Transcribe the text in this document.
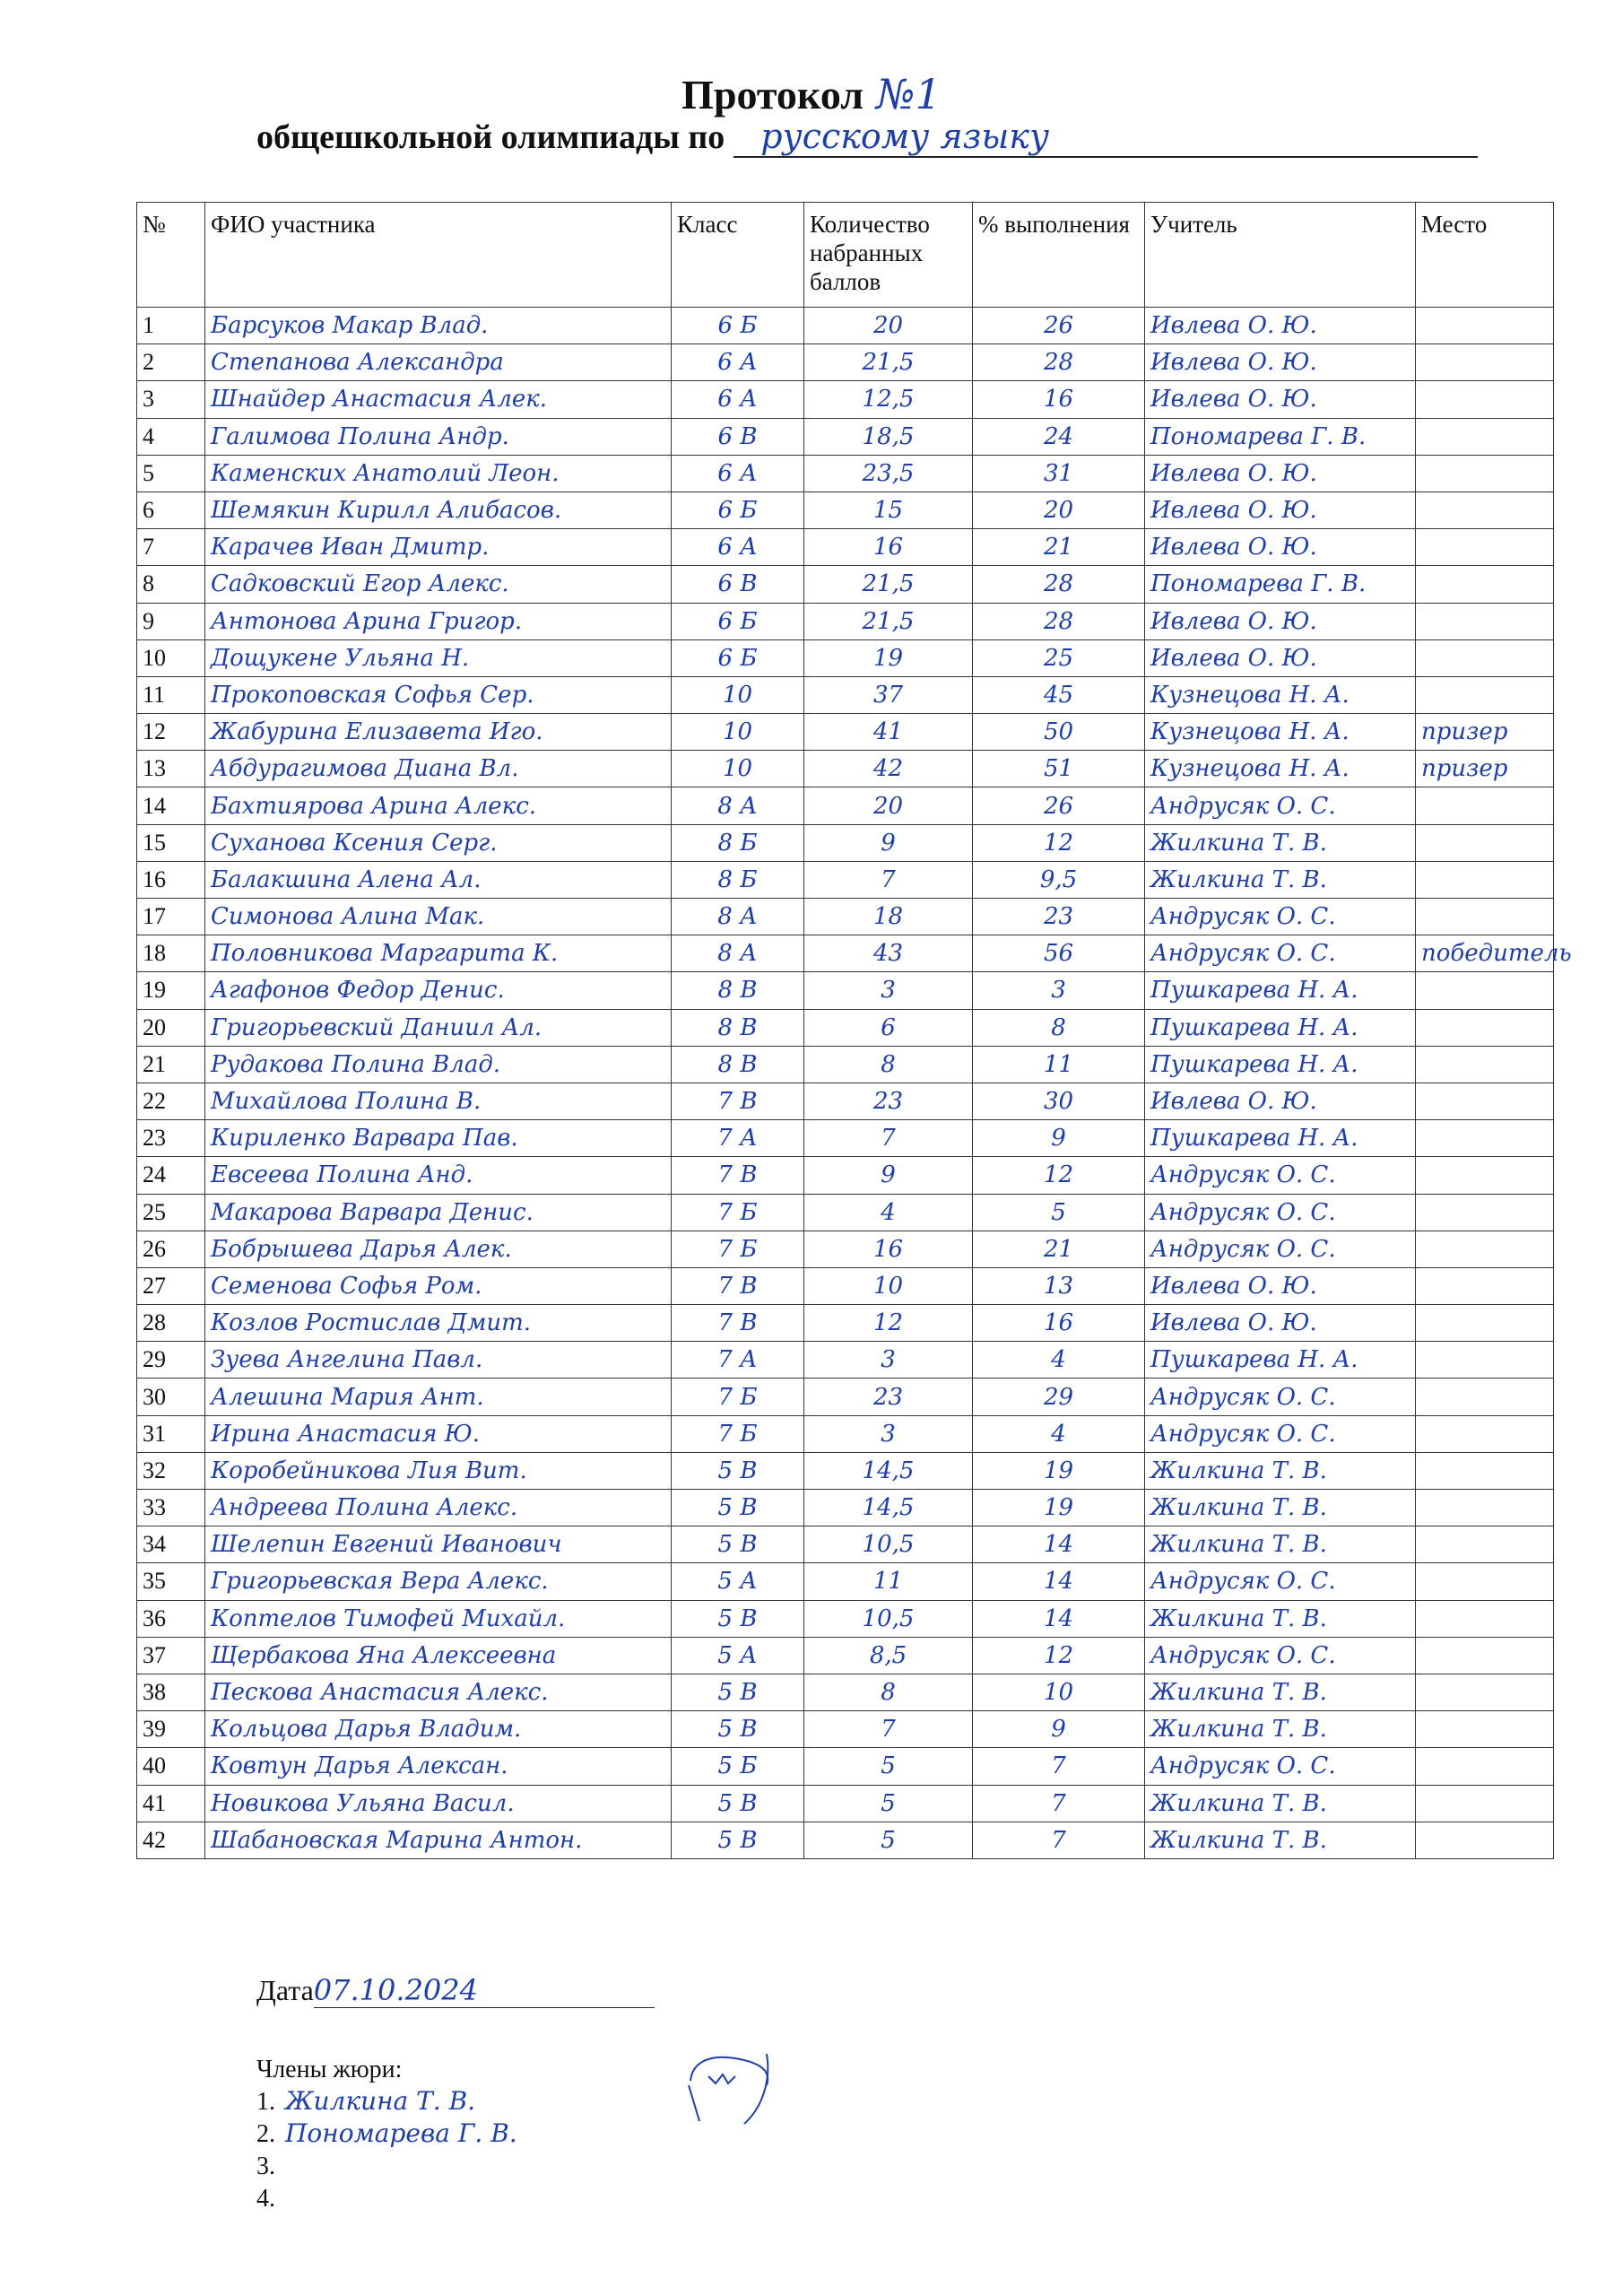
Протокол №1
общешкольной олимпиады по русскому языку
№	ФИО участника	Класс	Количество набранных баллов	% выполнения	Учитель	Место
1	Барсуков Макар Влад.	6 Б	20	26	Ивлева О. Ю.	
2	Степанова Александра	6 А	21,5	28	Ивлева О. Ю.	
3	Шнайдер Анастасия Алек.	6 А	12,5	16	Ивлева О. Ю.	
4	Галимова Полина Андр.	6 В	18,5	24	Пономарева Г. В.	
5	Каменских Анатолий Леон.	6 А	23,5	31	Ивлева О. Ю.	
6	Шемякин Кирилл Алибасов.	6 Б	15	20	Ивлева О. Ю.	
7	Карачев Иван Дмитр.	6 А	16	21	Ивлева О. Ю.	
8	Садковский Егор Алекс.	6 В	21,5	28	Пономарева Г. В.	
9	Антонова Арина Григор.	6 Б	21,5	28	Ивлева О. Ю.	
10	Дощукене Ульяна Н.	6 Б	19	25	Ивлева О. Ю.	
11	Прокоповская Софья Сер.	10	37	45	Кузнецова Н. А.	
12	Жабурина Елизавета Иго.	10	41	50	Кузнецова Н. А.	призер
13	Абдурагимова Диана Вл.	10	42	51	Кузнецова Н. А.	призер
14	Бахтиярова Арина Алекс.	8 А	20	26	Андрусяк О. С.	
15	Суханова Ксения Серг.	8 Б	9	12	Жилкина Т. В.	
16	Балакшина Алена Ал.	8 Б	7	9,5	Жилкина Т. В.	
17	Симонова Алина Мак.	8 А	18	23	Андрусяк О. С.	
18	Половникова Маргарита К.	8 А	43	56	Андрусяк О. С.	победитель
19	Агафонов Федор Денис.	8 В	3	3	Пушкарева Н. А.	
20	Григорьевский Даниил Ал.	8 В	6	8	Пушкарева Н. А.	
21	Рудакова Полина Влад.	8 В	8	11	Пушкарева Н. А.	
22	Михайлова Полина В.	7 В	23	30	Ивлева О. Ю.	
23	Кириленко Варвара Пав.	7 А	7	9	Пушкарева Н. А.	
24	Евсеева Полина Анд.	7 В	9	12	Андрусяк О. С.	
25	Макарова Варвара Денис.	7 Б	4	5	Андрусяк О. С.	
26	Бобрышева Дарья Алек.	7 Б	16	21	Андрусяк О. С.	
27	Семенова Софья Ром.	7 В	10	13	Ивлева О. Ю.	
28	Козлов Ростислав Дмит.	7 В	12	16	Ивлева О. Ю.	
29	Зуева Ангелина Павл.	7 А	3	4	Пушкарева Н. А.	
30	Алешина Мария Ант.	7 Б	23	29	Андрусяк О. С.	
31	Ирина Анастасия Ю.	7 Б	3	4	Андрусяк О. С.	
32	Коробейникова Лия Вит.	5 В	14,5	19	Жилкина Т. В.	
33	Андреева Полина Алекс.	5 В	14,5	19	Жилкина Т. В.	
34	Шелепин Евгений Иванович	5 В	10,5	14	Жилкина Т. В.	
35	Григорьевская Вера Алекс.	5 А	11	14	Андрусяк О. С.	
36	Коптелов Тимофей Михайл.	5 В	10,5	14	Жилкина Т. В.	
37	Щербакова Яна Алексеевна	5 А	8,5	12	Андрусяк О. С.	
38	Пескова Анастасия Алекс.	5 В	8	10	Жилкина Т. В.	
39	Кольцова Дарья Владим.	5 В	7	9	Жилкина Т. В.	
40	Ковтун Дарья Алексан.	5 Б	5	7	Андрусяк О. С.	
41	Новикова Ульяна Васил.	5 В	5	7	Жилкина Т. В.	
42	Шабановская Марина Антон.	5 В	5	7	Жилкина Т. В.	
Дата07.10.2024
Члены жюри:
1. Жилкина Т. В.
2. Пономарева Г. В.
3.
4.
